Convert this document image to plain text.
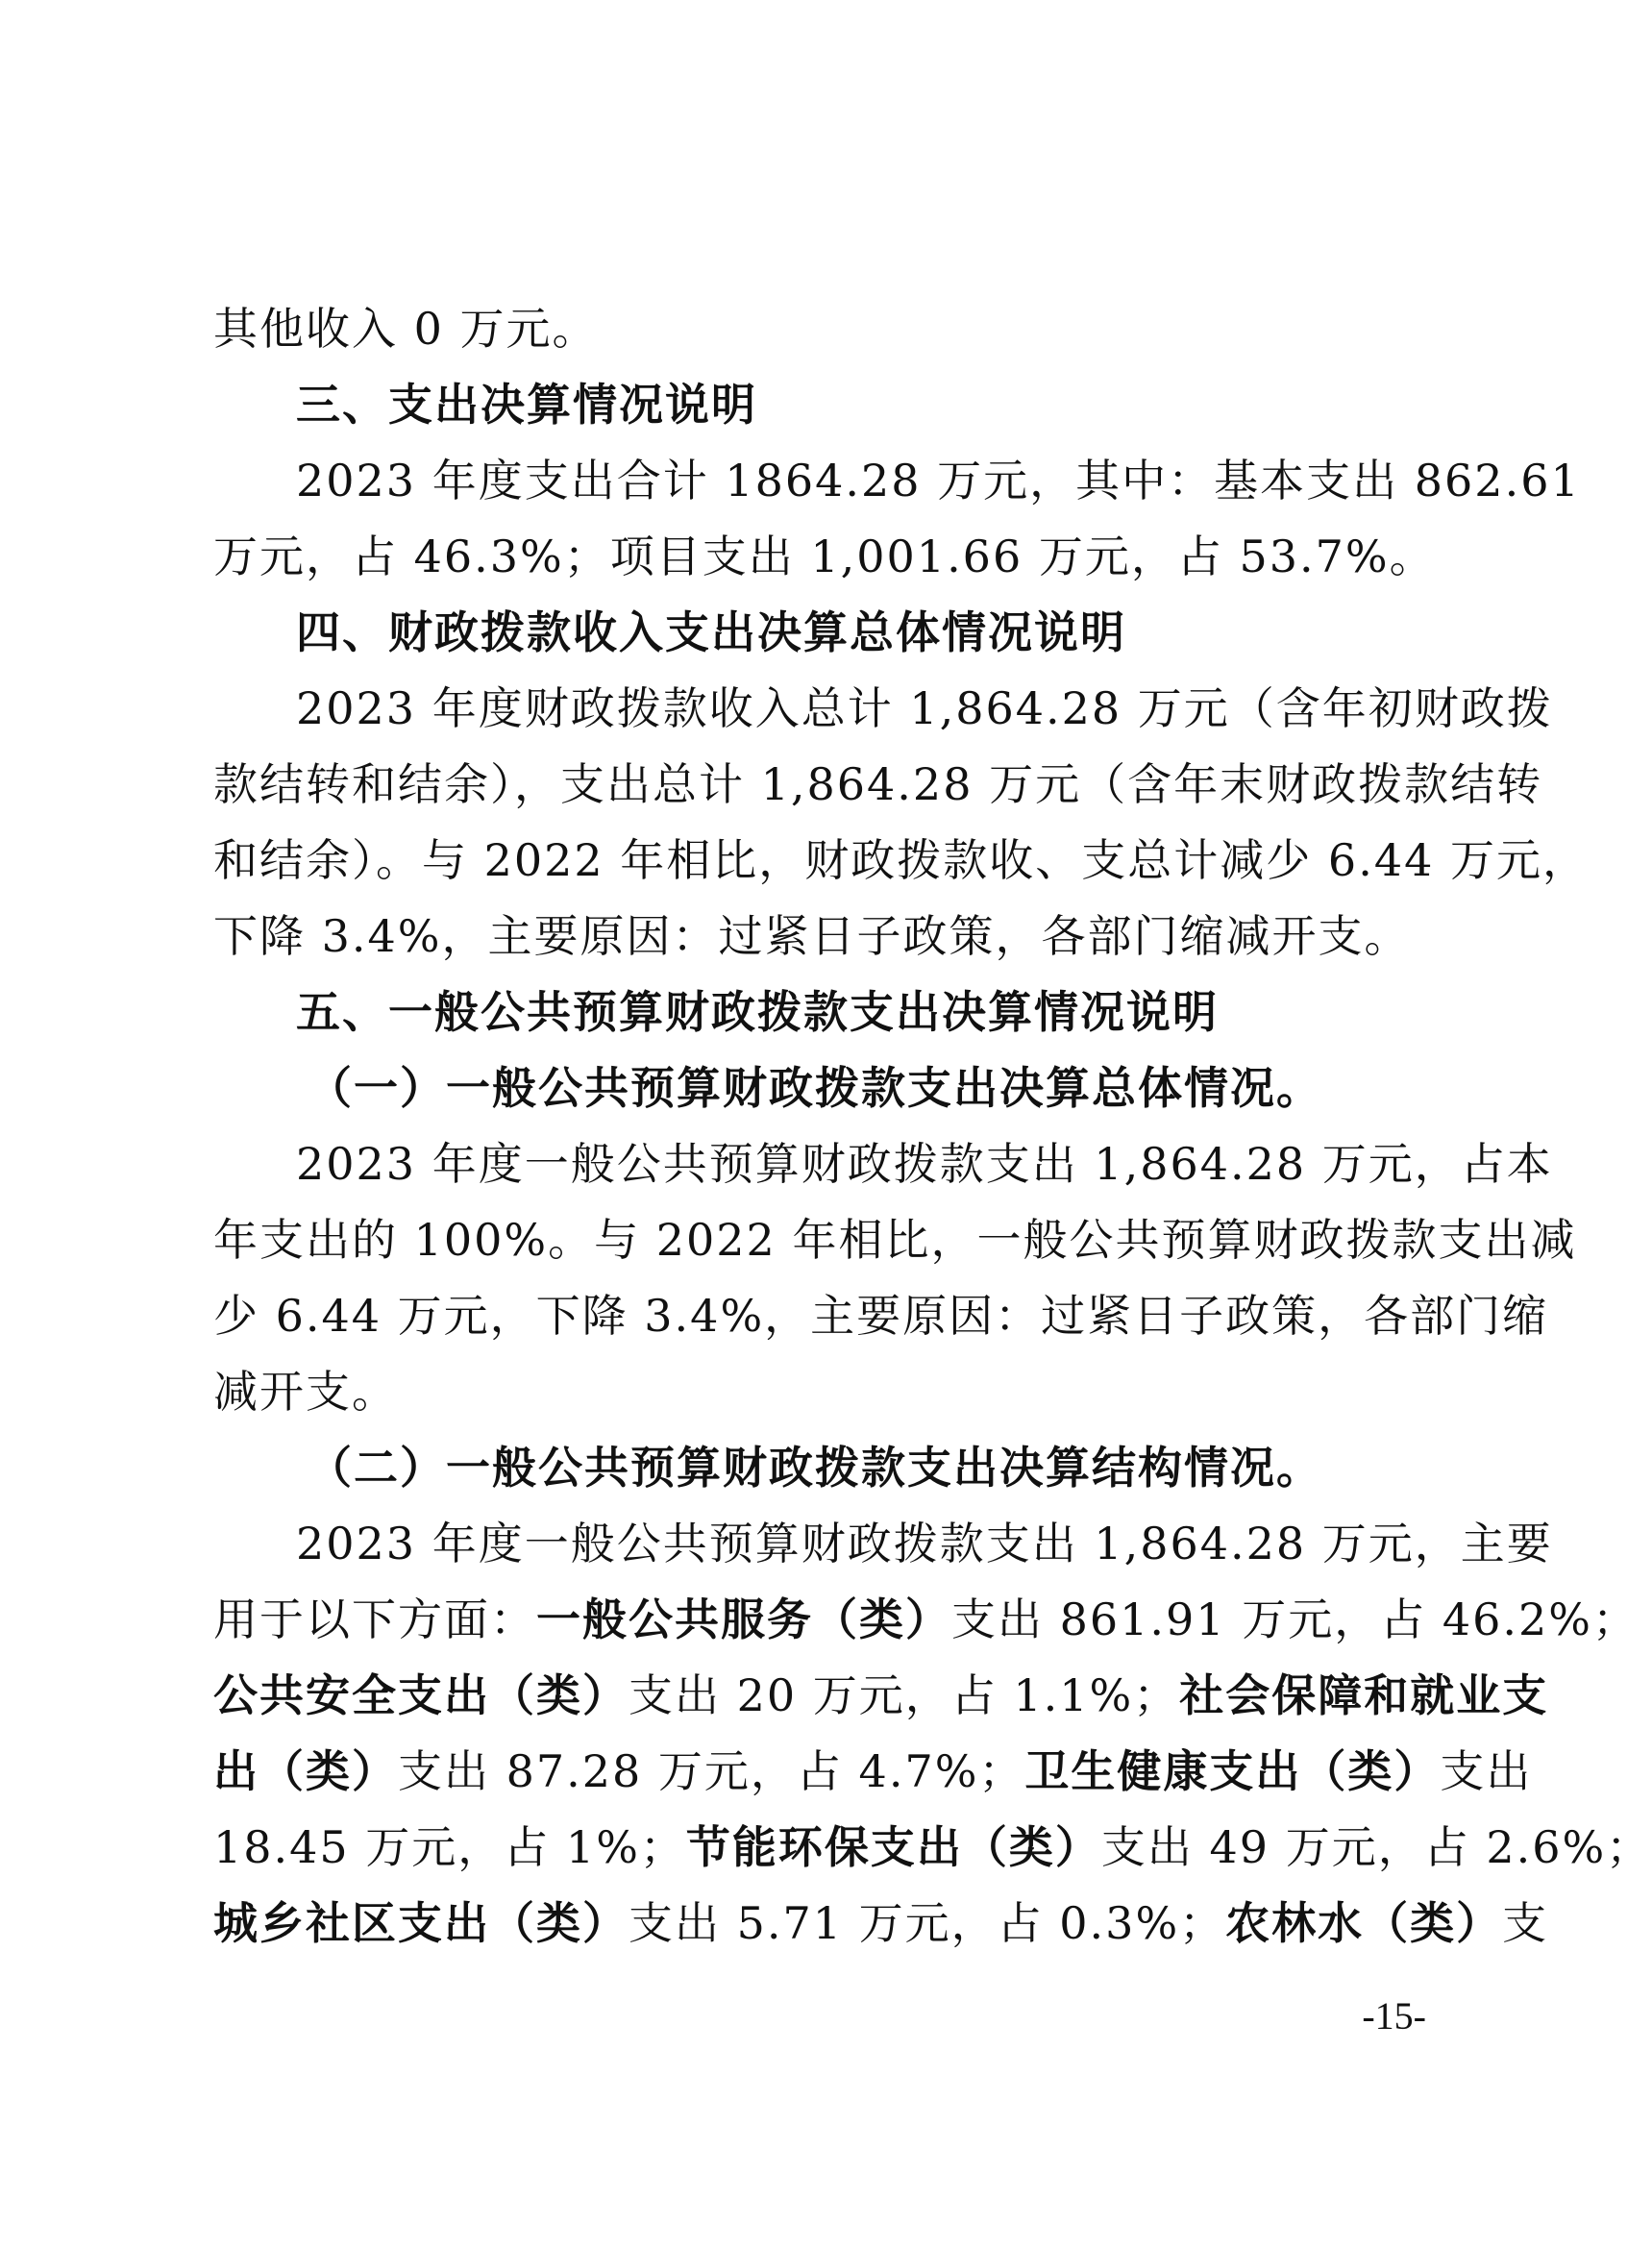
其他收入 0 万元。
三、支出决算情况说明
2023 年度支出合计 1864.28 万元，其中：基本支出 862.61
万元，占 46.3%；项目支出 1,001.66 万元，占 53.7%。
四、财政拨款收入支出决算总体情况说明
2023 年度财政拨款收入总计 1,864.28 万元（含年初财政拨
款结转和结余），支出总计 1,864.28 万元（含年末财政拨款结转
和结余）。与 2022 年相比，财政拨款收、支总计减少 6.44 万元，
下降 3.4%，主要原因：过紧日子政策，各部门缩减开支。
五、一般公共预算财政拨款支出决算情况说明
（一）一般公共预算财政拨款支出决算总体情况。
2023 年度一般公共预算财政拨款支出 1,864.28 万元，占本
年支出的 100%。与 2022 年相比，一般公共预算财政拨款支出减
少 6.44 万元，下降 3.4%，主要原因：过紧日子政策，各部门缩
减开支。
（二）一般公共预算财政拨款支出决算结构情况。
2023 年度一般公共预算财政拨款支出 1,864.28 万元，主要
用于以下方面：一般公共服务（类）支出 861.91 万元，占 46.2%；
公共安全支出（类）支出 20 万元，占 1.1%；社会保障和就业支
出（类）支出 87.28 万元，占 4.7%；卫生健康支出（类）支出
18.45 万元，占 1%；节能环保支出（类）支出 49 万元，占 2.6%；
城乡社区支出（类）支出 5.71 万元，占 0.3%；农林水（类）支
-15-
